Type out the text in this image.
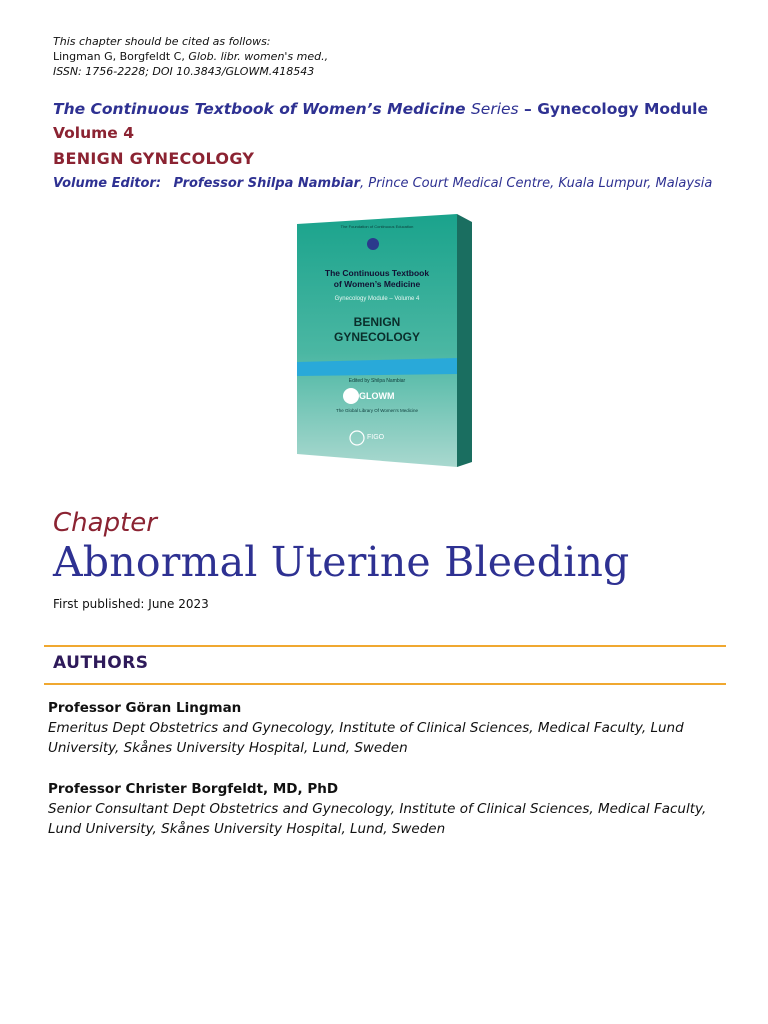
This chapter should be cited as follows:
Lingman G, Borgfeldt C, Glob. libr. women's med.,
ISSN: 1756-2228; DOI 10.3843/GLOWM.418543
The Continuous Textbook of Women’s Medicine Series – Gynecology Module
Volume 4
BENIGN GYNECOLOGY
Volume Editor: Professor Shilpa Nambiar, Prince Court Medical Centre, Kuala Lumpur, Malaysia
The Foundation of Continuous Education
The Continuous Textbook
of Women’s Medicine
Gynecology Module – Volume 4
BENIGN
GYNECOLOGY
Edited by Shilpa Nambiar
GLOWM
The Global Library Of Women's Medicine
FIGO
Chapter
Abnormal Uterine Bleeding
First published: June 2023
AUTHORS
Professor Göran Lingman
Emeritus Dept Obstetrics and Gynecology, Institute of Clinical Sciences, Medical Faculty, Lund
University, Skånes University Hospital, Lund, Sweden
Professor Christer Borgfeldt, MD, PhD
Senior Consultant Dept Obstetrics and Gynecology, Institute of Clinical Sciences, Medical Faculty,
Lund University, Skånes University Hospital, Lund, Sweden
